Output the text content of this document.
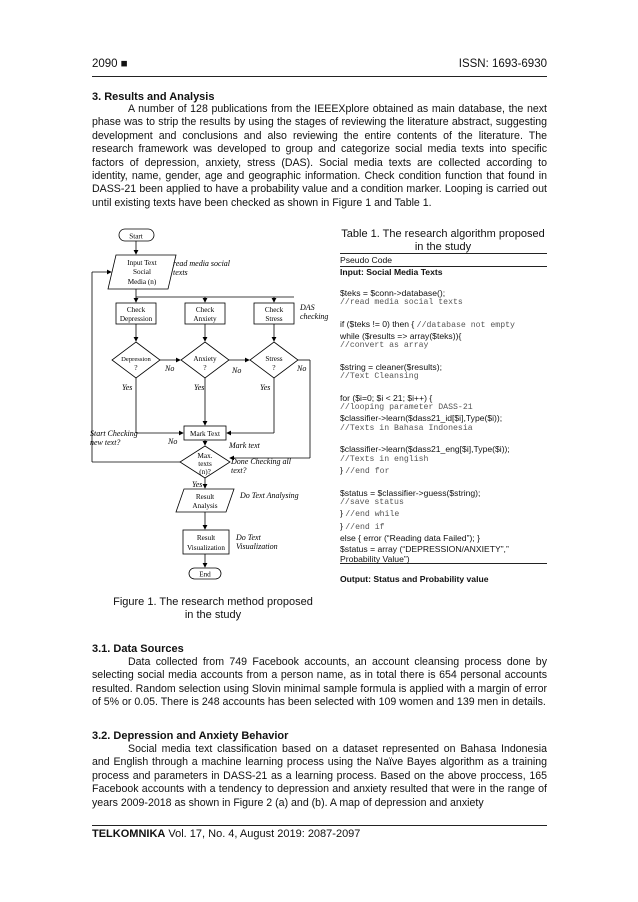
2090 ■	ISSN: 1693-6930
3. Results and Analysis

A number of 128 publications from the IEEEXplore obtained as main database, the next phase was to strip the results by using the stages of reviewing the literature abstract, suggesting development and conclusions and also reviewing the entire contents of the literature. The research framework was developed to group and categorize social media texts into specific factors of depression, anxiety, stress (DAS). Social media texts are collected according to identity, name, gender, age and geographic information. Check condition function that found in DASS-21 been applied to have a probability value and a condition marker. Looping is carried out until existing texts have been checked as shown in Figure 1 and Table 1.

Start
Input Text
Social
Media (n)
Check
Depression
Check
Anxiety
Check
Stress
Depression
?
Anxiety
?
Stress
?
Mark Text
Max.
texts
(n)?
Result
Analysis
Result
Visualization
End
read media social
texts
DAS
checking
No	No	No
Yes	Yes	Yes
Mark text
Start Checking
new text?	No
Done Checking all
text?
Yes
Do Text Analysing
Do Text
Visualization
Figure 1. The research method proposed
in the study
Table 1. The research algorithm proposed
in the study
Pseudo Code
Input: Social Media Texts
$teks = $conn->database();
//read media social texts
if ($teks != 0) then { //database not empty
while ($results => array($teks)){
//convert as array
$string = cleaner($results);
//Text Cleansing
for ($i=0; $i < 21; $i++) {
//looping parameter DASS-21
$classifier->learn($dass21_id[$i],Type($i));
//Texts in Bahasa Indonesia
$classifier->learn($dass21_eng[$i],Type($i));
//Texts in english
} //end for
$status = $classifier->guess($string);
//save status
} //end while
} //end if
else { error (“Reading data Failed”); }
$status = array (“DEPRESSION/ANXIETY”,”
Probability Value”)
Output: Status and Probability value
3.1. Data Sources

Data collected from 749 Facebook accounts, an account cleansing process done by selecting social media accounts from a person name, as in total there is 654 personal accounts resulted. Random selection using Slovin minimal sample formula is applied with a margin of error of 5% or 0.05. There is 248 accounts has been selected with 109 women and 139 men in details.

3.2. Depression and Anxiety Behavior

Social media text classification based on a dataset represented on Bahasa Indonesia and English through a machine learning process using the Naïve Bayes algorithm as a training process and parameters in DASS-21 as a learning process. Based on the above proccess, 165 Facebook accounts with a tendency to depression and anxiety resulted that were in the range of years 2009-2018 as shown in Figure 2 (a) and (b). A map of depression and anxiety

TELKOMNIKA Vol. 17, No. 4, August 2019: 2087-2097
